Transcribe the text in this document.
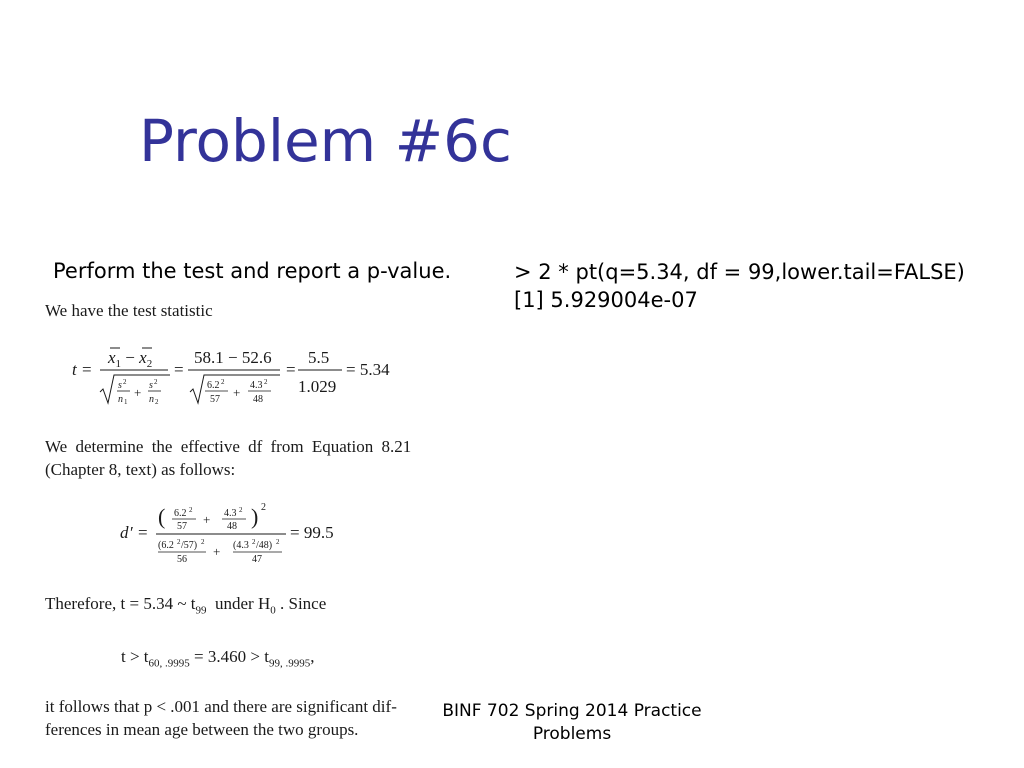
Problem #6c
Perform the test and report a p-value.	> 2 * pt(q=5.34, df = 99,lower.tail=FALSE)
[1] 5.929004e-07
We have the test statistic
t =
$x_1 - x_2$
s 2
n 1
+ s 2
n 2
=
58.1 − 52.6
6.2 2
57 + 4.3 2
48
=
5.5
1.029
= 5.34
We determine the effective df from Equation 8.21
(Chapter 8, text) as follows:
d ′ =
( 6.2 2
57 + 4.3 2
48 ) 2
(6.2 2 /57) 2
56
+ (4.3 2 /48) 2
47
= 99.5
Therefore, t = 5.34 ~ $t_{99}$ under $H_0$ . Since
$t > t_{60, .9995} = 3.460 > t_{99, .9995}$,
it follows that p < .001 and there are significant dif-
ferences in mean age between the two groups.
BINF 702 Spring 2014 Practice
Problems
